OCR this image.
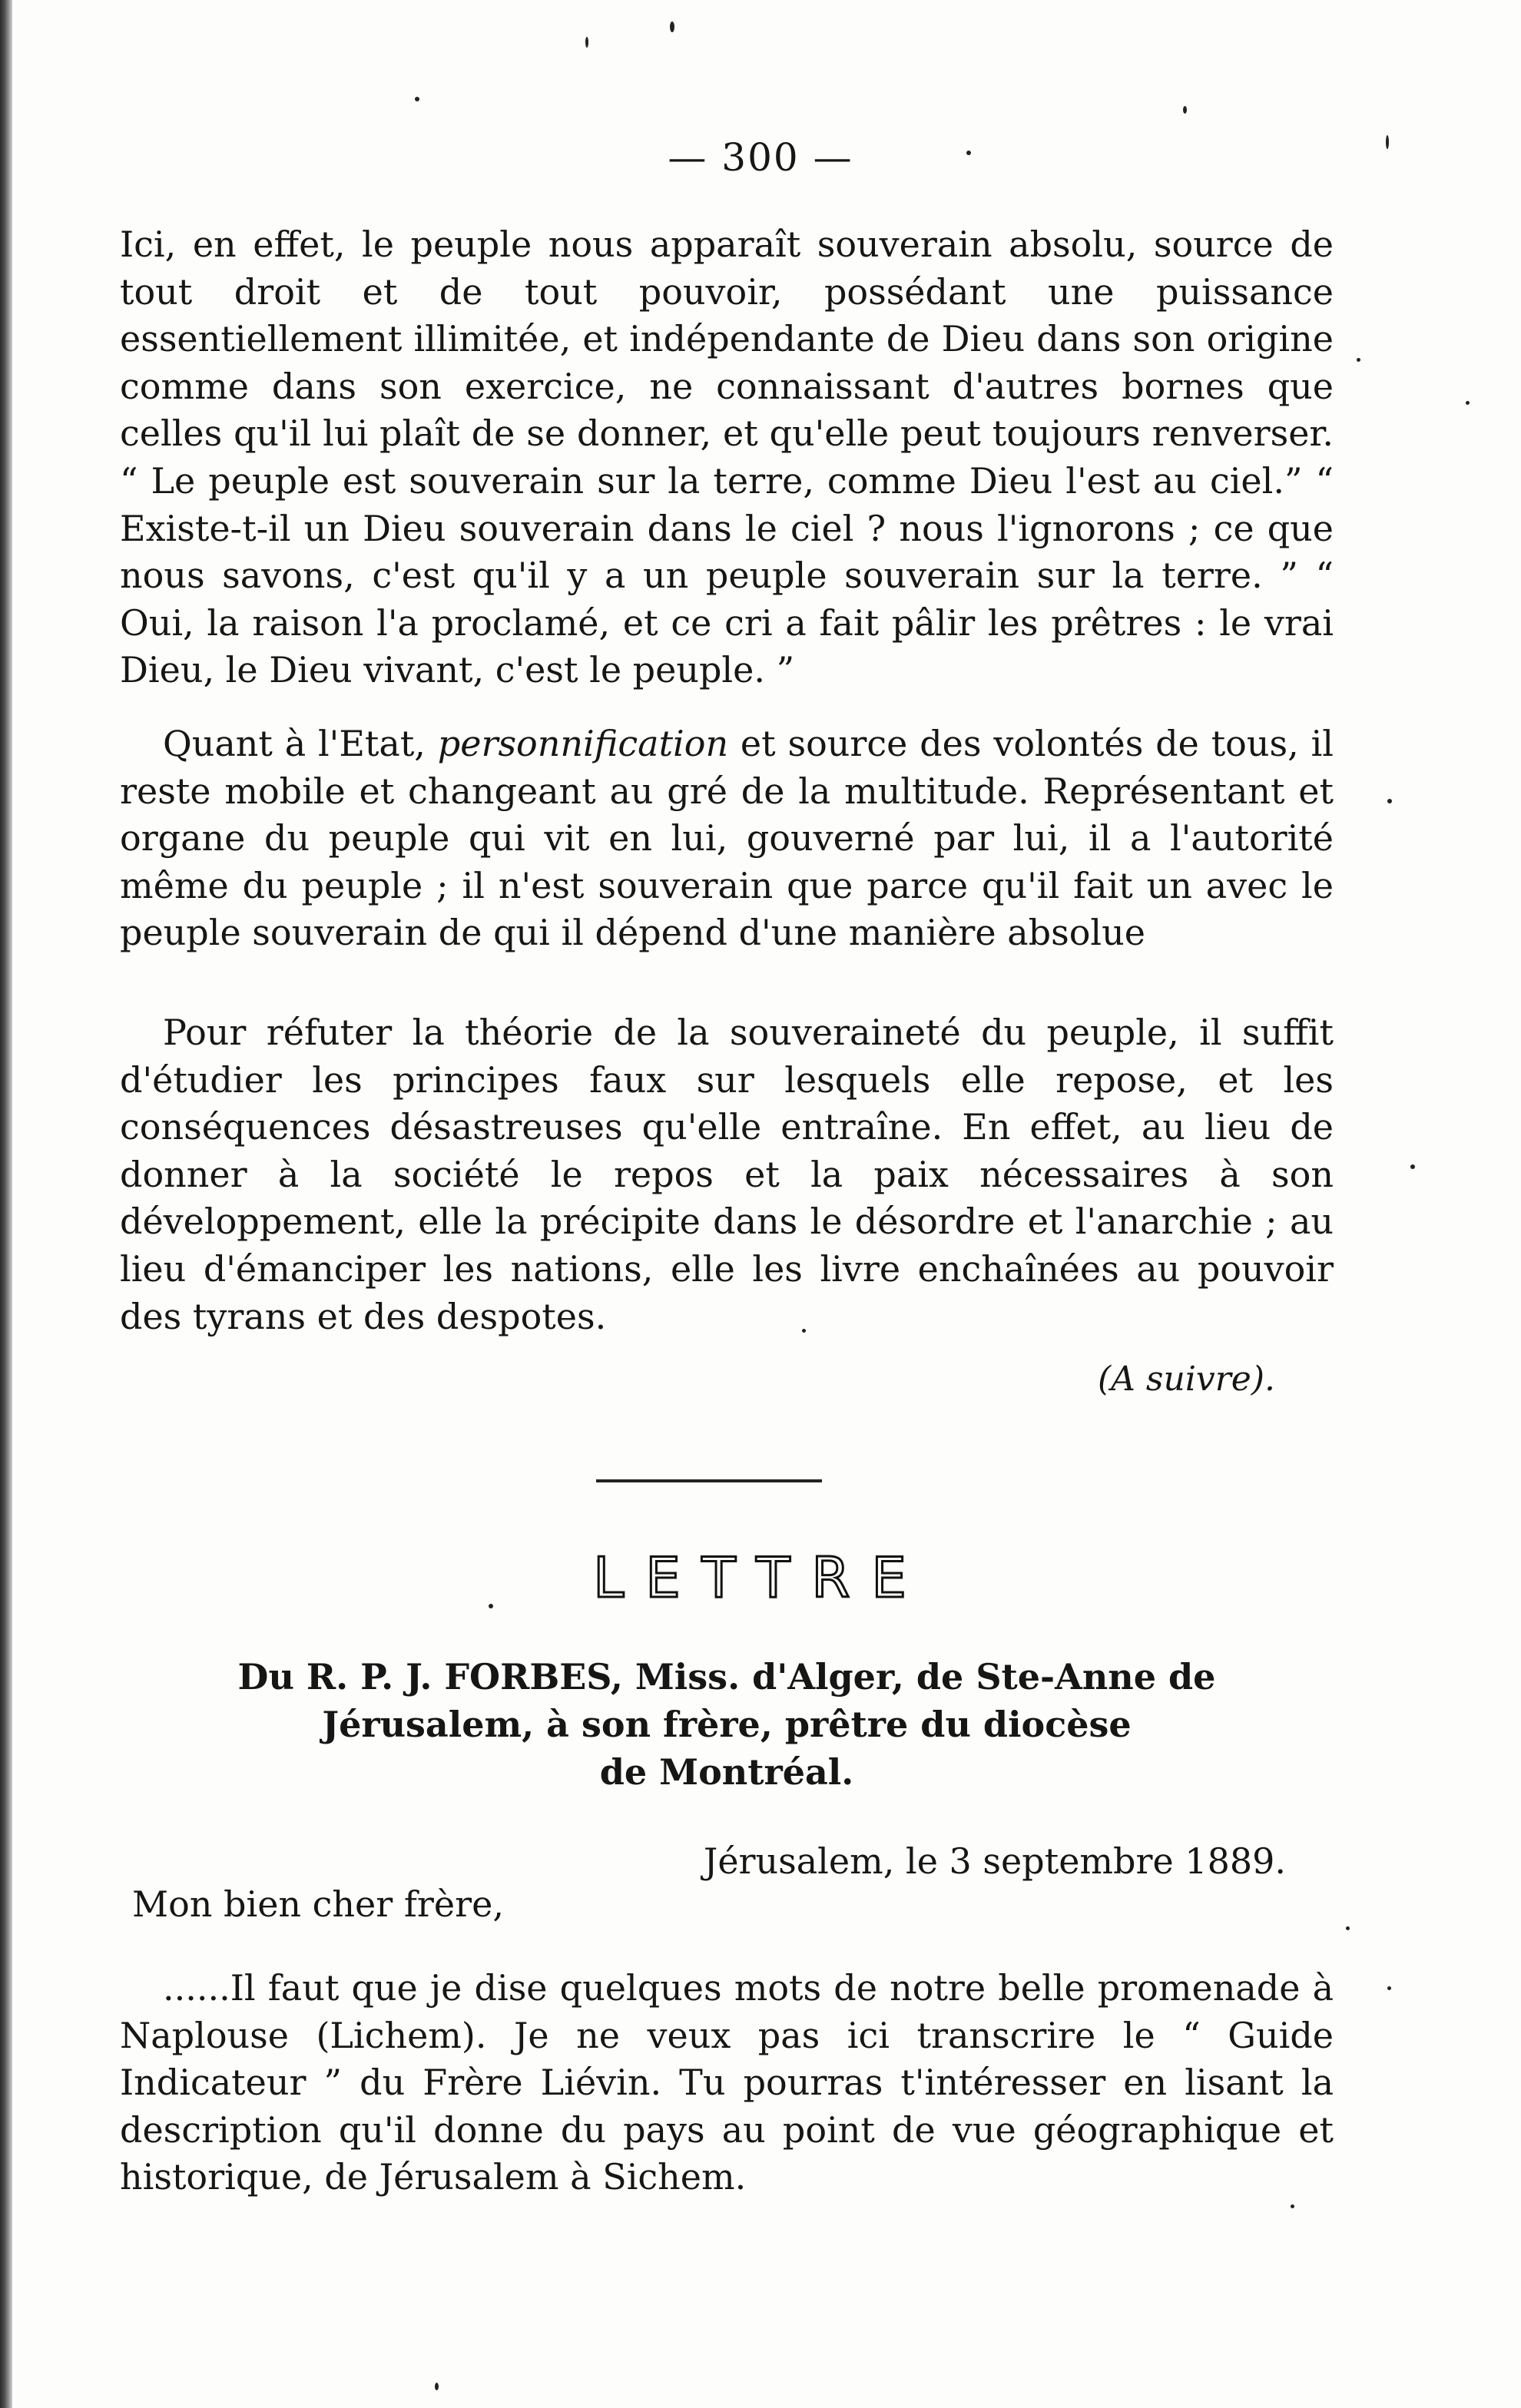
— 300 —

Ici, en effet, le peuple nous apparaît souverain absolu, source de tout droit et de tout pouvoir, possédant une puissance essentiellement illimitée, et indépendante de Dieu dans son origine comme dans son exercice, ne connaissant d'autres bornes que celles qu'il lui plaît de se donner, et qu'elle peut toujours renverser. “ Le peuple est souverain sur la terre, comme Dieu l'est au ciel.” “ Existe-t-il un Dieu souverain dans le ciel ? nous l'ignorons ; ce que nous savons, c'est qu'il y a un peuple souverain sur la terre. ” “ Oui, la raison l'a proclamé, et ce cri a fait pâlir les prêtres : le vrai Dieu, le Dieu vivant, c'est le peuple. ”

Quant à l'Etat, personnification et source des volontés de tous, il reste mobile et changeant au gré de la multitude. Représentant et organe du peuple qui vit en lui, gouverné par lui, il a l'autorité même du peuple ; il n'est souverain que parce qu'il fait un avec le peuple souverain de qui il dépend d'une manière absolue

Pour réfuter la théorie de la souveraineté du peuple, il suffit d'étudier les principes faux sur lesquels elle repose, et les conséquences désastreuses qu'elle entraîne. En effet, au lieu de donner à la société le repos et la paix nécessaires à son développement, elle la précipite dans le désordre et l'anarchie ; au lieu d'émanciper les nations, elle les livre enchaînées au pouvoir des tyrans et des despotes.

(A suivre).
LETTRE
Du R. P. J. FORBES, Miss. d'Alger, de Ste-Anne de
Jérusalem, à son frère, prêtre du diocèse
de Montréal.
Jérusalem, le 3 septembre 1889.
Mon bien cher frère,

......Il faut que je dise quelques mots de notre belle promenade à Naplouse (Lichem). Je ne veux pas ici transcrire le “ Guide Indicateur ” du Frère Liévin. Tu pourras t'intéresser en lisant la description qu'il donne du pays au point de vue géographique et historique, de Jérusalem à Sichem.
